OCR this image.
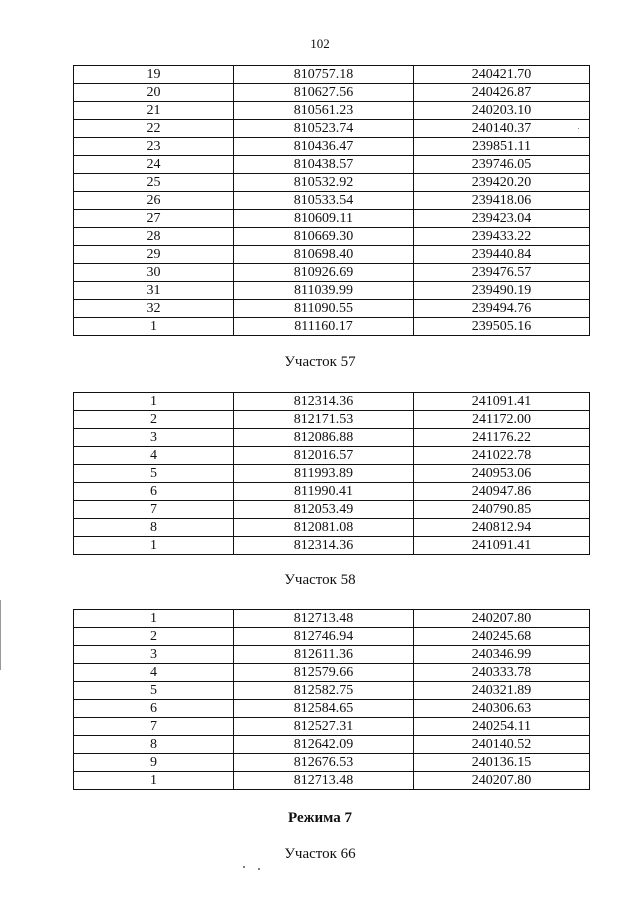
102
19	810757.18	240421.70
20	810627.56	240426.87
21	810561.23	240203.10
22	810523.74	240140.37
23	810436.47	239851.11
24	810438.57	239746.05
25	810532.92	239420.20
26	810533.54	239418.06
27	810609.11	239423.04
28	810669.30	239433.22
29	810698.40	239440.84
30	810926.69	239476.57
31	811039.99	239490.19
32	811090.55	239494.76
1	811160.17	239505.16
Участок 57
1	812314.36	241091.41
2	812171.53	241172.00
3	812086.88	241176.22
4	812016.57	241022.78
5	811993.89	240953.06
6	811990.41	240947.86
7	812053.49	240790.85
8	812081.08	240812.94
1	812314.36	241091.41
Участок 58
1	812713.48	240207.80
2	812746.94	240245.68
3	812611.36	240346.99
4	812579.66	240333.78
5	812582.75	240321.89
6	812584.65	240306.63
7	812527.31	240254.11
8	812642.09	240140.52
9	812676.53	240136.15
1	812713.48	240207.80
Режима 7
Участок 66
